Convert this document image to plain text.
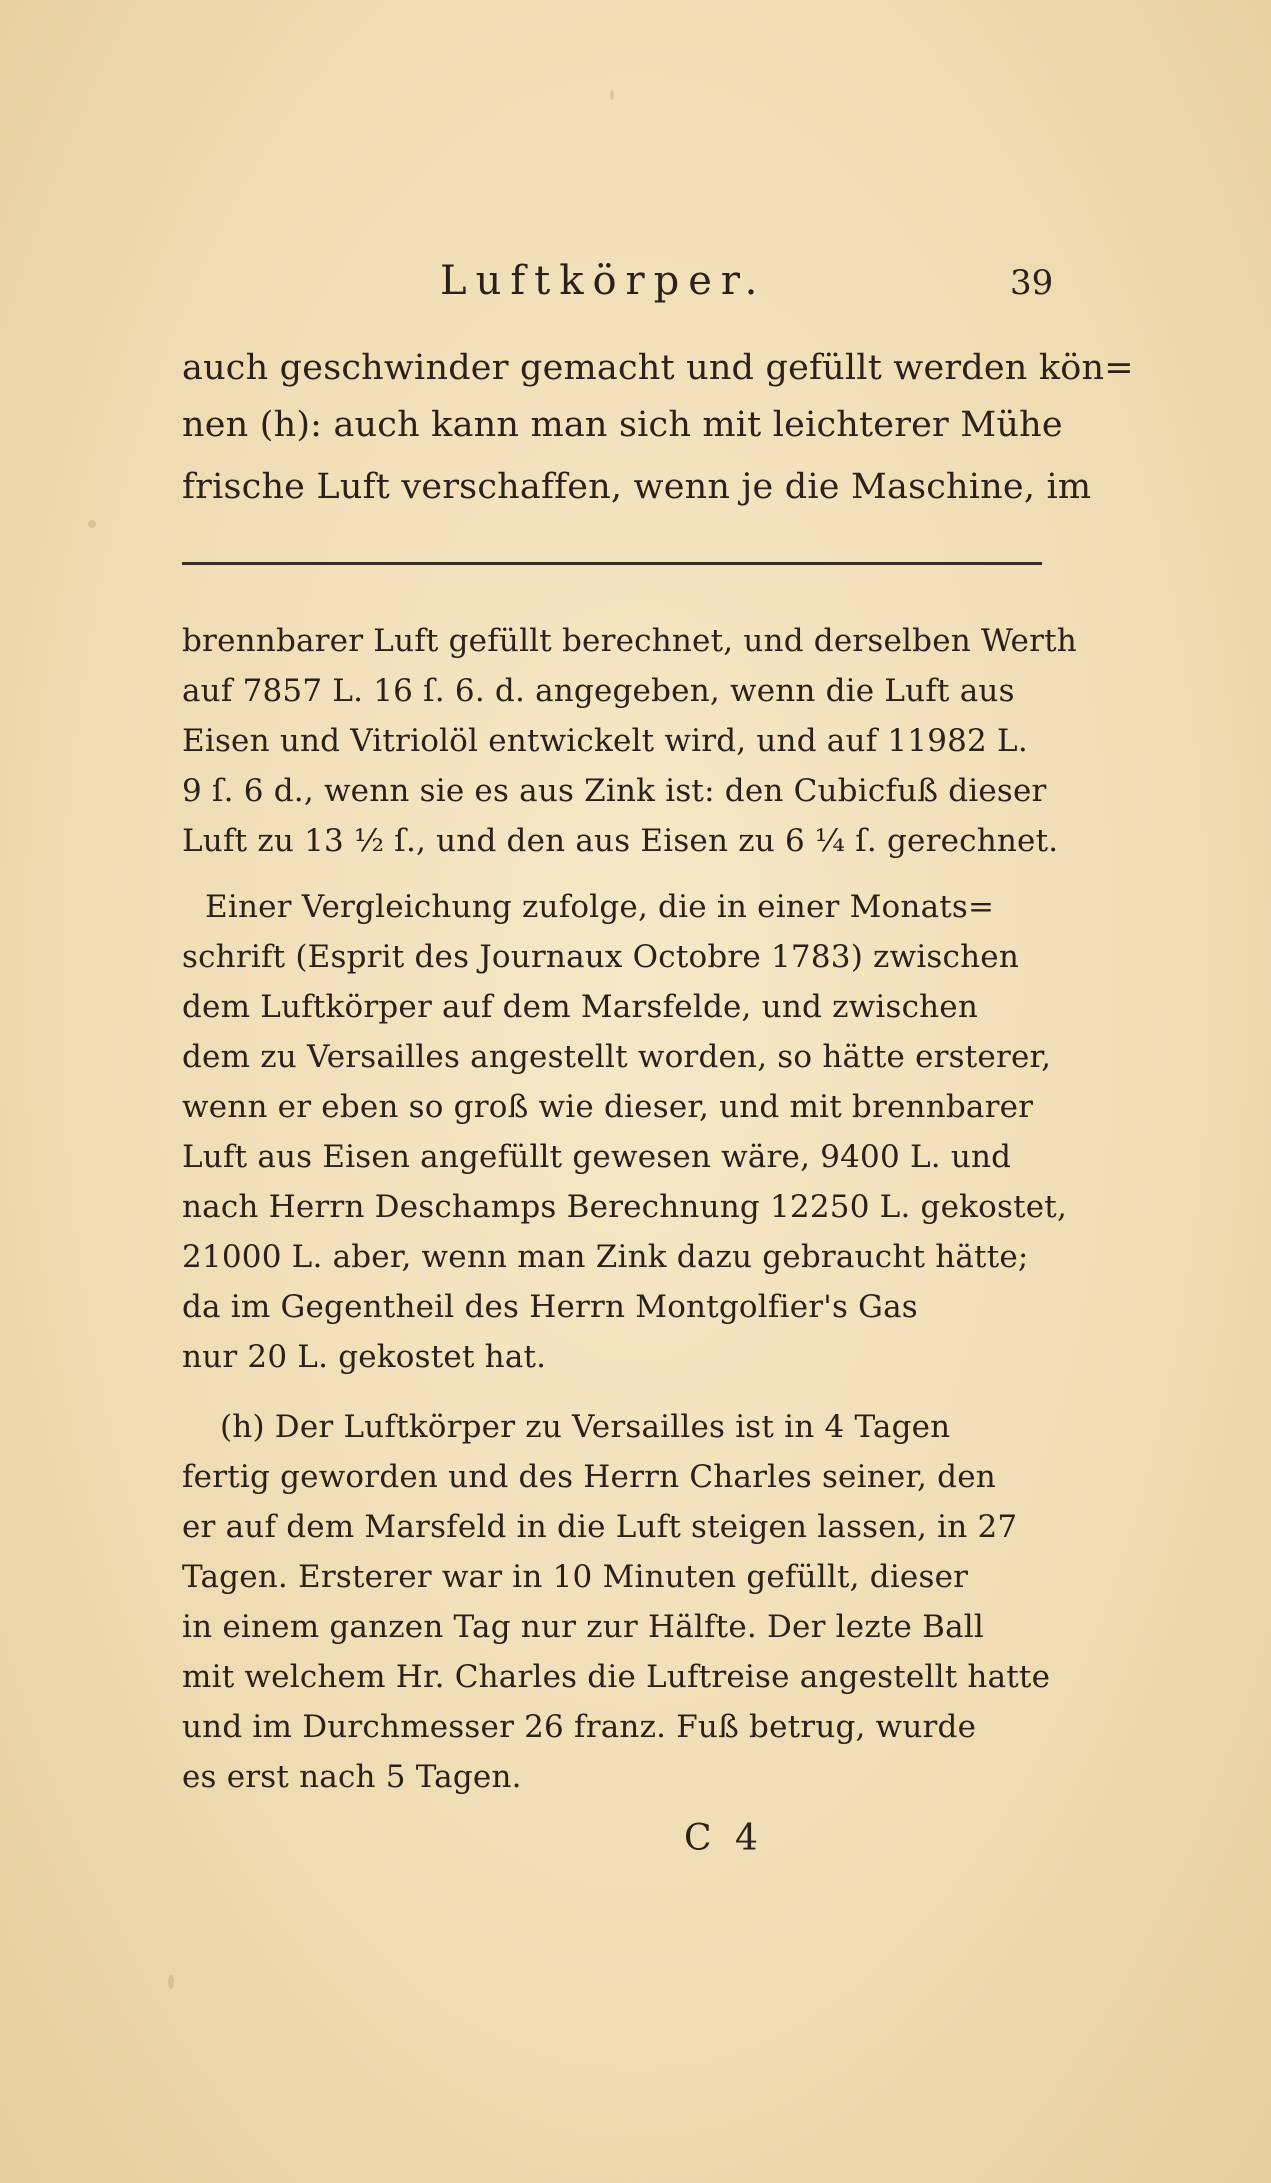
Luftkörper.	39
auch geschwinder gemacht und gefüllt werden kön=
nen (h): auch kann man sich mit leichterer Mühe
frische Luft verschaffen, wenn je die Maschine, im
brennbarer Luft gefüllt berechnet, und derselben Werth
auf 7857 L. 16 ſ. 6. d. angegeben, wenn die Luft aus
Eisen und Vitriolöl entwickelt wird, und auf 11982 L.
9 ſ. 6 d., wenn sie es aus Zink ist: den Cubicfuß dieser
Luft zu 13 ½ ſ., und den aus Eisen zu 6 ¼ ſ. gerechnet.
Einer Vergleichung zufolge, die in einer Monats=
schrift (Esprit des Journaux Octobre 1783) zwischen
dem Luftkörper auf dem Marsfelde, und zwischen
dem zu Versailles angestellt worden, so hätte ersterer,
wenn er eben so groß wie dieser, und mit brennbarer
Luft aus Eisen angefüllt gewesen wäre, 9400 L. und
nach Herrn Deschamps Berechnung 12250 L. gekostet,
21000 L. aber, wenn man Zink dazu gebraucht hätte;
da im Gegentheil des Herrn Montgolfier's Gas
nur 20 L. gekostet hat.
(h) Der Luftkörper zu Versailles ist in 4 Tagen
fertig geworden und des Herrn Charles seiner, den
er auf dem Marsfeld in die Luft steigen lassen, in 27
Tagen. Ersterer war in 10 Minuten gefüllt, dieser
in einem ganzen Tag nur zur Hälfte. Der lezte Ball
mit welchem Hr. Charles die Luftreise angestellt hatte
und im Durchmesser 26 franz. Fuß betrug, wurde
es erst nach 5 Tagen.
C 4
